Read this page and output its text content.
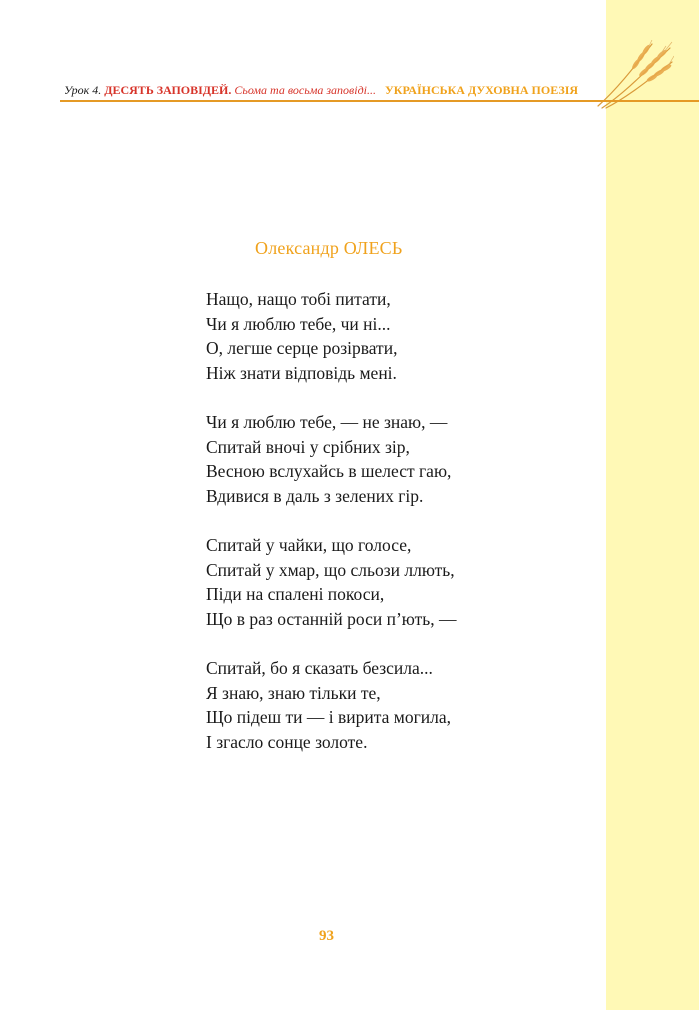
Урок 4. ДЕСЯТЬ ЗАПОВІДЕЙ. Сьома та восьма заповіді... УКРАЇНСЬКА ДУХОВНА ПОЕЗІЯ
Олександр ОЛЕСЬ
Нащо, нащо тобі питати,
Чи я люблю тебе, чи ні...
О, легше серце розірвати,
Ніж знати відповідь мені.
Чи я люблю тебе, — не знаю, —
Спитай вночі у срібних зір,
Весною вслухайсь в шелест гаю,
Вдивися в даль з зелених гір.
Спитай у чайки, що голосе,
Спитай у хмар, що сльози ллють,
Піди на спалені покоси,
Що в раз останній роси п’ють, —
Спитай, бо я сказать безсила...
Я знаю, знаю тільки те,
Що підеш ти — і вирита могила,
І згасло сонце золоте.
93
